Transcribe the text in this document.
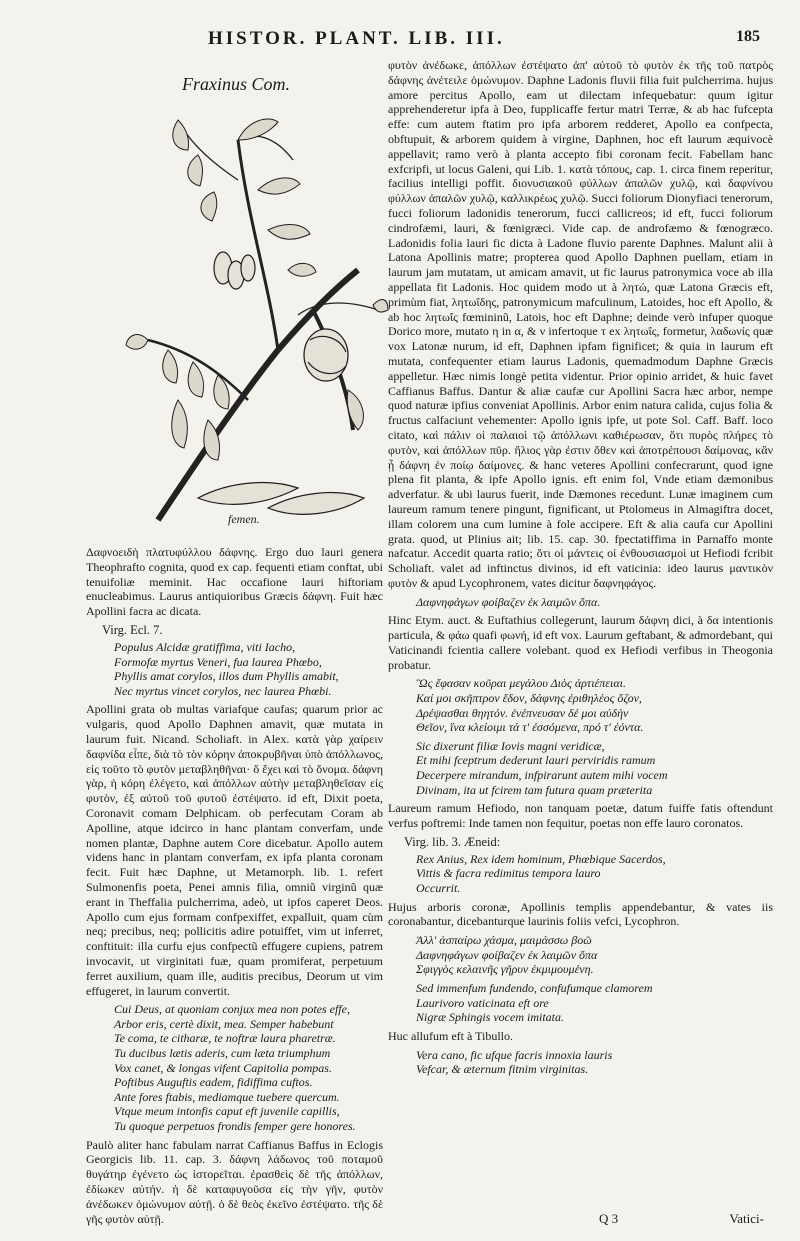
HISTOR. PLANT. LIB. III.	185
Fraxinus Com.
femen.

Δαφνοειδὴ πλατυφύλλου δάφνης. Ergo duo lauri genera Theophrafto cognita, quod ex cap. fequenti etiam conftat, ubi tenuifoliæ meminit. Hac occafione lauri hiftoriam enucleabimus. Laurus antiquioribus Græcis δάφνη. Fuit hæc Apollini facra ac dicata.

Virg. Ecl. 7.
Populus Alcidæ gratiffima, viti Iacho,
Formofæ myrtus Veneri, fua laurea Phœbo,
Phyllis amat corylos, illos dum Phyllis amabit,
Nec myrtus vincet corylos, nec laurea Phœbi.

Apollini grata ob multas variafque caufas; quarum prior ac vulgaris, quod Apollo Daphnen amavit, quæ mutata in laurum fuit. Nicand. Scholiaft. in Alex. κατὰ γὰρ χαίρειν δαφνίδα εἶπε, διὰ τὸ τὸν κόρην ἀποκρυβῆναι ὑπὸ ἀπόλλωνος, εἰς τοῦτο τὸ φυτὸν μεταβληθῆναι· ὅ ἔχει καὶ τὸ ὄνομα. δάφνη γὰρ, ἡ κόρη ἐλέγετο, καὶ ἀπόλλων αὐτὴν μεταβληθεῖσαν εἰς φυτὸν, ἐξ αὐτοῦ τοῦ φυτοῦ ἐστέψατο. id eft, Dixit poeta, Coronavit comam Delphicam. ob perfecutam Coram ab Apolline, atque idcirco in hanc plantam converfam, unde nomen plantæ, Daphne autem Core dicebatur. Apollo autem videns hanc in plantam converfam, ex ipfa planta coronam fecit. Fuit hæc Daphne, ut Metamorph. lib. 1. refert Sulmonenfis poeta, Penei amnis filia, omniũ virginũ quæ erant in Theffalia pulcherrima, adeò, ut ipfos caperet Deos. Apollo cum ejus formam confpexiffet, expalluit, quam cùm neq; precibus, neq; pollicitis adire potuiffet, vim ut inferret, conftituit: illa curfu ejus confpectũ effugere cupiens, patrem invocavit, ut virginitati fuæ, quam promiferat, perpetuum ferret auxilium, quam ille, auditis precibus, Deorum ut vim effugeret, in laurum convertit.

Cui Deus, at quoniam conjux mea non potes effe,
Arbor eris, certè dixit, mea. Semper habebunt
Te coma, te citharæ, te noftræ laura pharetræ.
Tu ducibus lætis aderis, cum læta triumphum
Vox canet, & longas vifent Capitolia pompas.
Poftibus Auguftis eadem, fidiffima cuftos.
Ante fores ftabis, mediamque tuebere quercum.
Vtque meum intonfis caput eft juvenile capillis,
Tu quoque perpetuos frondis femper gere honores.

Paulò aliter hanc fabulam narrat Caffianus Baffus in Eclogis Georgicis lib. 11. cap. 3. δάφνη λάδωνος τοῦ ποταμοῦ θυγάτηρ ἐγένετο ὡς ἱστορεῖται. ἐρασθεὶς δὲ τῆς ἀπόλλων, ἐδίωκεν αὐτήν. ἡ δὲ καταφυγοῦσα εἰς τὴν γῆν, φυτὸν ἀνέδωκεν ὁμώνυμον αὐτῇ. ὁ δὲ θεὸς ἐκεῖνο ἐστέψατο. τῆς δὲ γῆς φυτὸν αὐτῇ.

φυτὸν ἀνέδωκε, ἀπόλλων ἐστέψατο ἀπ' αὐτοῦ τὸ φυτὸν ἐκ τῆς τοῦ πατρὸς δάφνης ἀνέτειλε ὁμώνυμον. Daphne Ladonis fluvii filia fuit pulcherrima. hujus amore percitus Apollo, eam ut dilectam infequebatur: quum igitur apprehenderetur ipfa à Deo, fupplicaffe fertur matri Terræ, & ab hac fufcepta effe: cum autem ftatim pro ipfa arborem redderet, Apollo ea confpecta, obftupuit, & arborem quidem à virgine, Daphnen, hoc eft laurum æquivocè appellavit; ramo verò à planta accepto fibi coronam fecit. Fabellam hanc exfcripfi, ut locus Galeni, qui Lib. 1. κατὰ τόπους, cap. 1. circa finem reperitur, facilius intelligi poffit. διονυσιακοῦ φύλλων ἁπαλῶν χυλῷ, καὶ δαφνίνου φύλλων ἁπαλῶν χυλῷ, καλλικρέως χυλῷ. Succi foliorum Dionyfiaci tenerorum, fucci foliorum ladonidis tenerorum, fucci callicreos; id eft, fucci foliorum cindrofæmi, lauri, & fœnigræci. Vide cap. de androfæmo & fœnogræco. Ladonidis folia lauri fic dicta à Ladone fluvio parente Daphnes. Malunt alii à Latona Apollinis matre; propterea quod Apollo Daphnen puellam, etiam in laurum jam mutatam, ut amicam amavit, ut fic laurus patronymica voce ab illa appellata fit Ladonis. Hoc quidem modo ut à λητώ, quæ Latona Græcis eft, primùm fiat, λητωΐδης, patronymicum mafculinum, Latoides, hoc eft Apollo, & ab hoc λητωΐς fœmininũ, Latois, hoc eft Daphne; deinde verò infuper quoque Dorico more, mutato η in α, & ν infertoque τ ex λητωΐς, formetur, λαδωνίς quæ vox Latonæ nurum, id eft, Daphnen ipfam fignificet; & quia in laurum eft mutata, confequenter etiam laurus Ladonis, quemadmodum Daphne Græcis appelletur. Hæc nimis longè petita videntur. Prior opinio arridet, & huic favet Caffianus Baffus. Dantur & aliæ caufæ cur Apollini Sacra hæc arbor, nempe quod naturæ ipfius conveniat Apollinis. Arbor enim natura calida, cujus folia & fructus calfaciunt vehementer: Apollo ignis ipfe, ut pote Sol. Caff. Baff. loco citato, καὶ πάλιν οἱ παλαιοὶ τῷ ἀπόλλωνι καθιέρωσαν, ὅτι πυρὸς πλήρες τὸ φυτὸν, καὶ ἀπόλλων πῦρ. ἥλιος γὰρ ἐστιν ὅθεν καὶ ἀποτρέπουσι δαίμονας, κἂν ᾖ δάφνη ἐν ποίῳ δαίμονες. & hanc veteres Apollini confecrarunt, quod igne plena fit planta, & ipfe Apollo ignis. eft enim fol, Vnde etiam dæmonibus adverfatur. & ubi laurus fuerit, inde Dæmones recedunt. Lunæ imaginem cum laureum ramum tenere pingunt, fignificant, ut Ptolomeus in Almagiftra docet, illam colorem una cum lumine à fole accipere. Eft & alia caufa cur Apollini grata. quod, ut Plinius ait; lib. 15. cap. 30. fpectatiffima in Parnaffo monte nafcatur. Accedit quarta ratio; ὅτι οἱ μάντεις οἱ ἐνθουσιασμοὶ ut Hefiodi fcribit Scholiaft. valet ad inftinctus divinos, id eft vaticinia: ideo laurus μαντικὸν φυτὸν & apud Lycophronem, vates dicitur δαφνηφάγος.

Δαφνηφάγων φοίβαζεν ἐκ λαιμῶν ὄπα.

Hinc Etym. auct. & Euftathius collegerunt, laurum δάφνη dici, à δα intentionis particula, & φάω quafi φωνή, id eft vox. Laurum geftabant, & admordebant, qui Vaticinandi fcientia callere volebant. quod ex Hefiodi verfibus in Theogonia probatur.

Ὣς ἔφασαν κοῦραι μεγάλου Διὸς ἀρτιέπειαι.
Καί μοι σκῆπτρον ἔδον, δάφνης ἐριθηλέος ὄζον,
Δρέψασθαι θηητόν. ἐνέπνευσαν δέ μοι αὐδὴν
Θεῖον, ἵνα κλείοιμι τά τ' ἐσσόμενα, πρό τ' ἐόντα.
Sic dixerunt filiæ Iovis magni veridicæ,
Et mihi fceptrum dederunt lauri perviridis ramum
Decerpere mirandum, infpirarunt autem mihi vocem
Divinam, ita ut fcirem tam futura quam præterita

Laureum ramum Hefiodo, non tanquam poetæ, datum fuiffe fatis oftendunt verfus poftremi: Inde tamen non fequitur, poetas non effe lauro coronatos.

Virg. lib. 3. Æneid:
Rex Anius, Rex idem hominum, Phœbique Sacerdos,
Vittis & facra redimitus tempora lauro
Occurrit.

Hujus arboris coronæ, Apollinis templis appendebantur, & vates iis coronabantur, dicebanturque laurinis foliis vefci, Lycophron.

Ἀλλ' ἀσπαίρω χάσμα, μαιμάσσω βοῶ
Δαφνηφάγων φοίβαζεν ἐκ λαιμῶν ὄπα
Σφιγγὸς κελαινῆς γῆρυν ἐκμιμουμένη.
Sed immenfum fundendo, confufumque clamorem
Laurivoro vaticinata eft ore
Nigræ Sphingis vocem imitata.

Huc allufum eft à Tibullo.

Vera cano, fic ufque facris innoxia lauris
Vefcar, & æternum fitnim virginitas.
Q 3	Vatici-
